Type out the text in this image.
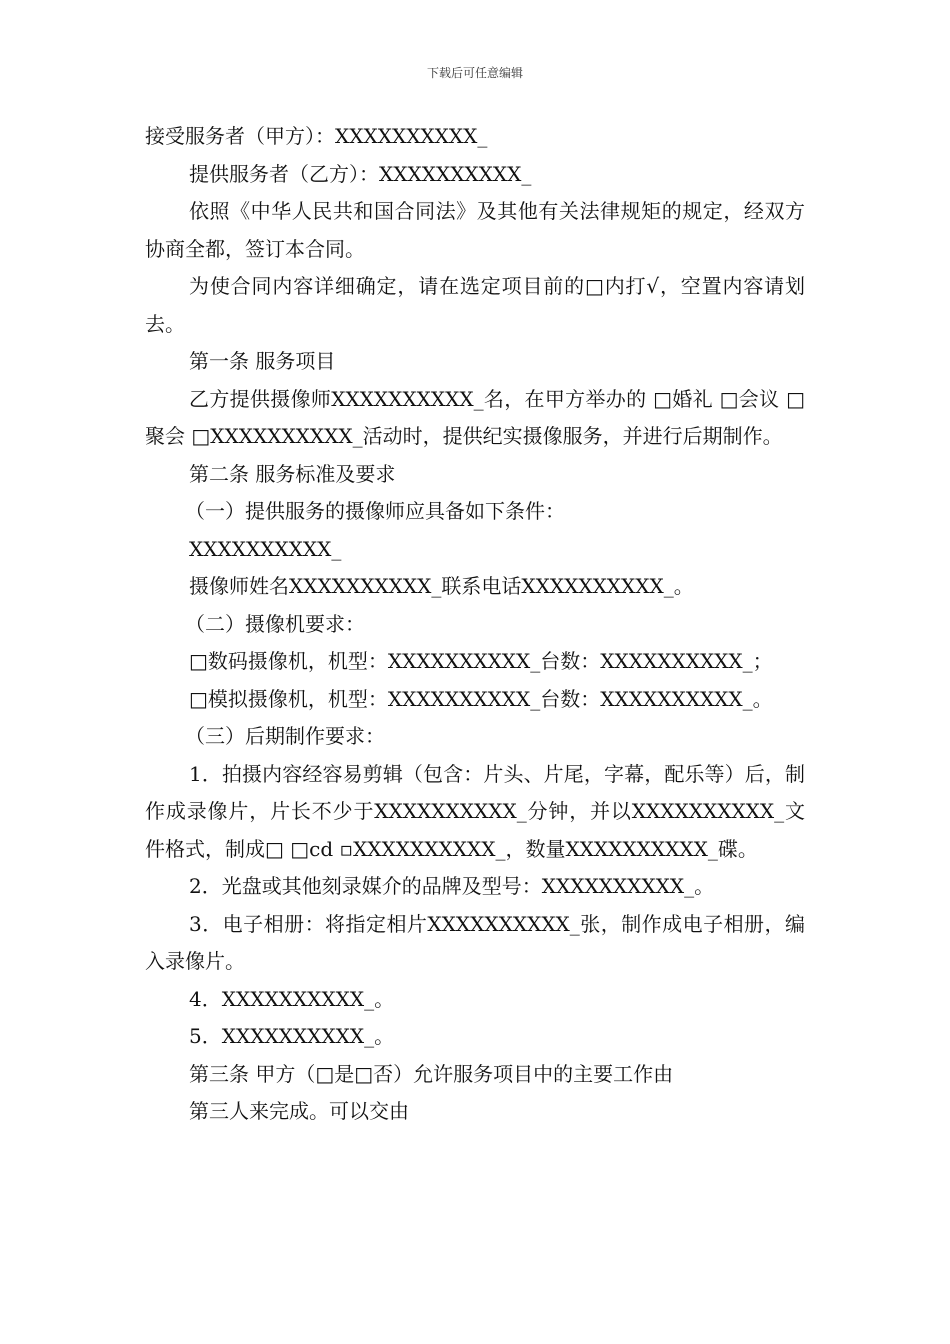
下载后可任意编辑

接受服务者（甲方）：XXXXXXXXXX_

提供服务者（乙方）：XXXXXXXXXX_

依照《中华人民共和国合同法》及其他有关法律规矩的规定，经双方协商全都，签订本合同。

为使合同内容详细确定，请在选定项目前的□内打√，空置内容请划去。

第一条 服务项目

乙方提供摄像师XXXXXXXXXX_名，在甲方举办的 □婚礼 □会议 □聚会 □XXXXXXXXXX_活动时，提供纪实摄像服务，并进行后期制作。

第二条 服务标准及要求

（一）提供服务的摄像师应具备如下条件：

XXXXXXXXXX_

摄像师姓名XXXXXXXXXX_联系电话XXXXXXXXXX_。

（二）摄像机要求：

□数码摄像机，机型：XXXXXXXXXX_台数：XXXXXXXXXX_；

□模拟摄像机，机型：XXXXXXXXXX_台数：XXXXXXXXXX_。

（三）后期制作要求：

1．拍摄内容经容易剪辑（包含：片头、片尾，字幕，配乐等）后，制作成录像片，片长不少于XXXXXXXXXX_分钟，并以XXXXXXXXXX_文件格式，制成□ □cd ▫XXXXXXXXXX_，数量XXXXXXXXXX_碟。

2．光盘或其他刻录媒介的品牌及型号：XXXXXXXXXX_。

3．电子相册：将指定相片XXXXXXXXXX_张，制作成电子相册，编入录像片。

4．XXXXXXXXXX_。

5．XXXXXXXXXX_。

第三条 甲方（□是□否）允许服务项目中的主要工作由

第三人来完成。可以交由
